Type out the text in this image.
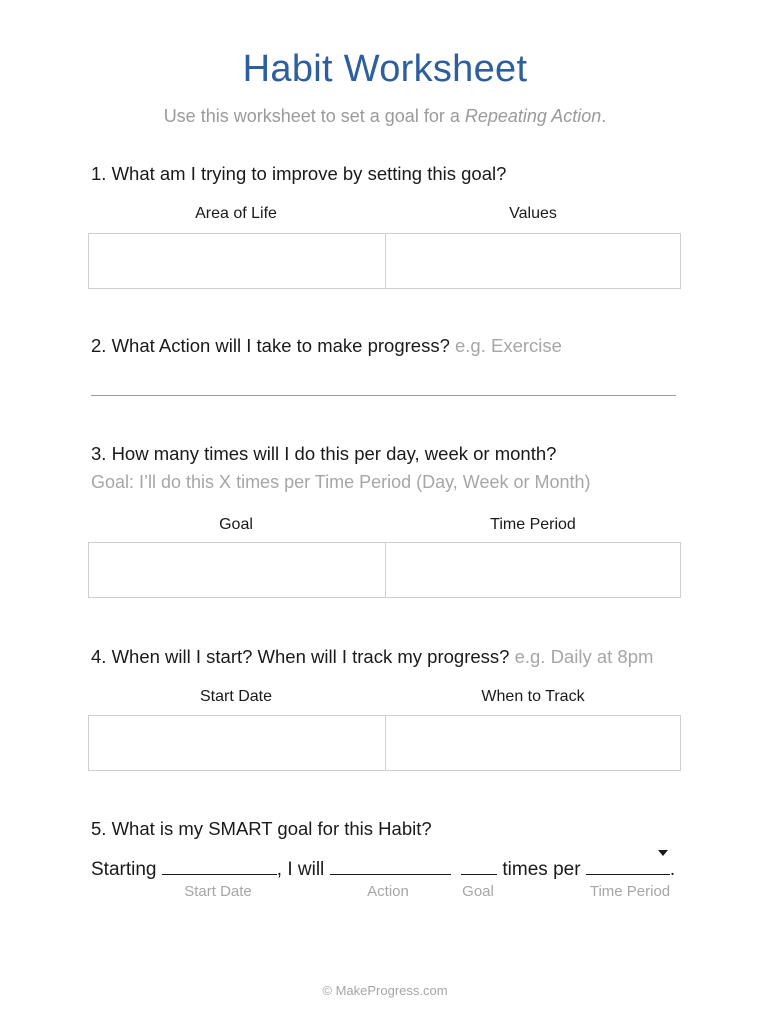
Habit Worksheet
Use this worksheet to set a goal for a Repeating Action.
1. What am I trying to improve by setting this goal?
Area of Life	Values
2. What Action will I take to make progress? e.g. Exercise
3. How many times will I do this per day, week or month?
Goal: I’ll do this X times per Time Period (Day, Week or Month)
Goal	Time Period
4. When will I start? When will I track my progress? e.g. Daily at 8pm
Start Date	When to Track
5. What is my SMART goal for this Habit?
Starting	, I will	times per	.
Start Date	Action	Goal	Time Period
© MakeProgress.com
